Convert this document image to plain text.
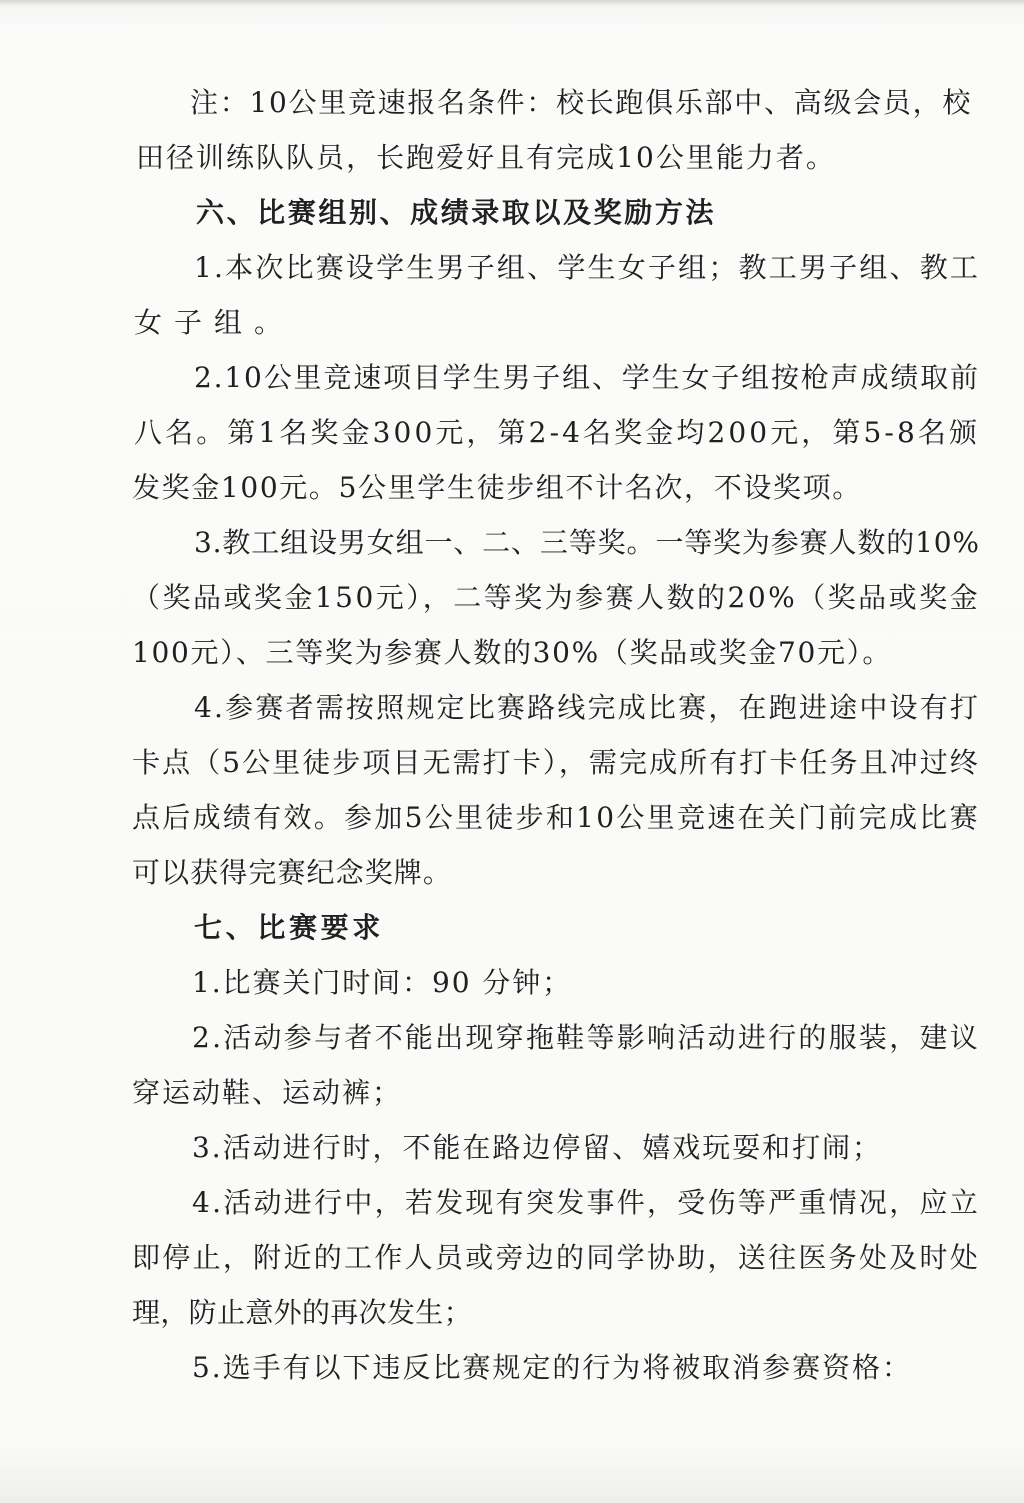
注：10公里竞速报名条件：校长跑俱乐部中、高级会员，校
田径训练队队员，长跑爱好且有完成10公里能力者。
六、比赛组别、成绩录取以及奖励方法
1.本次比赛设学生男子组、学生女子组；教工男子组、教工
女子组。
2.10公里竞速项目学生男子组、学生女子组按枪声成绩取前
八名。第1名奖金300元，第2-4名奖金均200元，第5-8名颁
发奖金100元。5公里学生徒步组不计名次，不设奖项。
3.教工组设男女组一、二、三等奖。一等奖为参赛人数的10%
（奖品或奖金150元），二等奖为参赛人数的20%（奖品或奖金
100元）、三等奖为参赛人数的30%（奖品或奖金70元）。
4.参赛者需按照规定比赛路线完成比赛，在跑进途中设有打
卡点（5公里徒步项目无需打卡），需完成所有打卡任务且冲过终
点后成绩有效。参加5公里徒步和10公里竞速在关门前完成比赛
可以获得完赛纪念奖牌。
七、比赛要求
1.比赛关门时间：90 分钟；
2.活动参与者不能出现穿拖鞋等影响活动进行的服装，建议
穿运动鞋、运动裤；
3.活动进行时，不能在路边停留、嬉戏玩耍和打闹；
4.活动进行中，若发现有突发事件，受伤等严重情况，应立
即停止，附近的工作人员或旁边的同学协助，送往医务处及时处
理，防止意外的再次发生；
5.选手有以下违反比赛规定的行为将被取消参赛资格：
